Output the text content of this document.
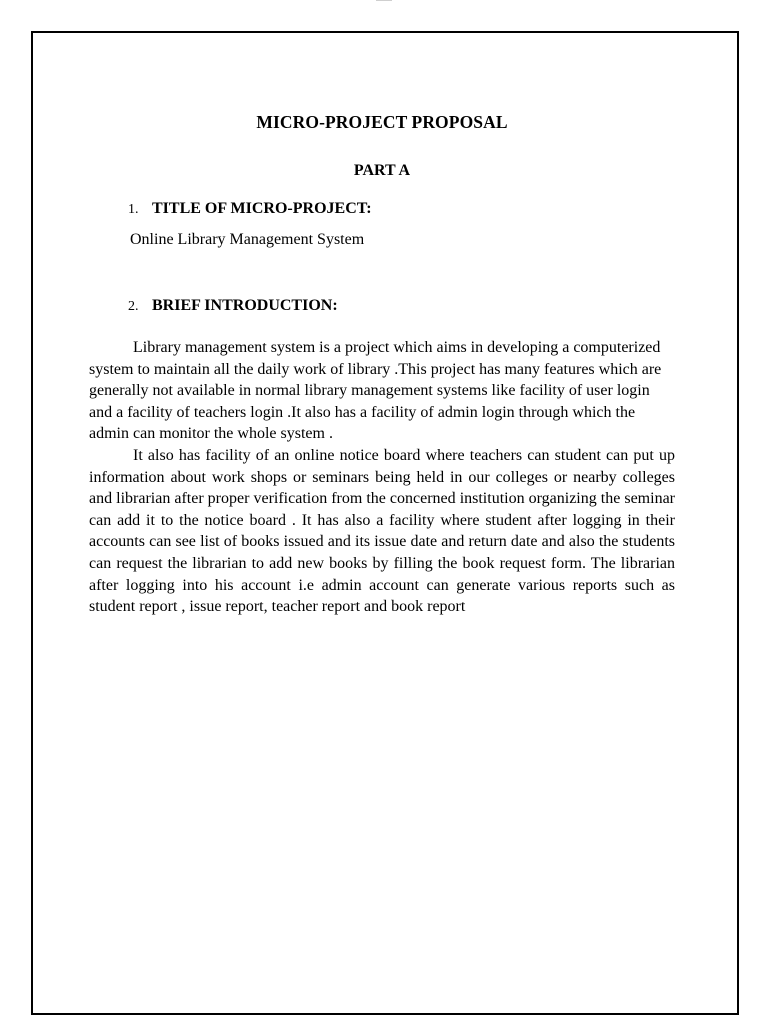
MICRO-PROJECT PROPOSAL
PART A
1. TITLE OF MICRO-PROJECT:
Online Library Management System
2. BRIEF INTRODUCTION:

Library management system is a project which aims in developing a computerized system to maintain all the daily work of library .This project has many features which are generally not available in normal library management systems like facility of user login and a facility of teachers login .It also has a facility of admin login through which the admin can monitor the whole system .

It also has facility of an online notice board where teachers can student can put up information about work shops or seminars being held in our colleges or nearby colleges and librarian after proper verification from the concerned institution organizing the seminar can add it to the notice board . It has also a facility where student after logging in their accounts can see list of books issued and its issue date and return date and also the students can request the librarian to add new books by filling the book request form. The librarian after logging into his account i.e admin account can generate various reports such as student report , issue report, teacher report and book report
